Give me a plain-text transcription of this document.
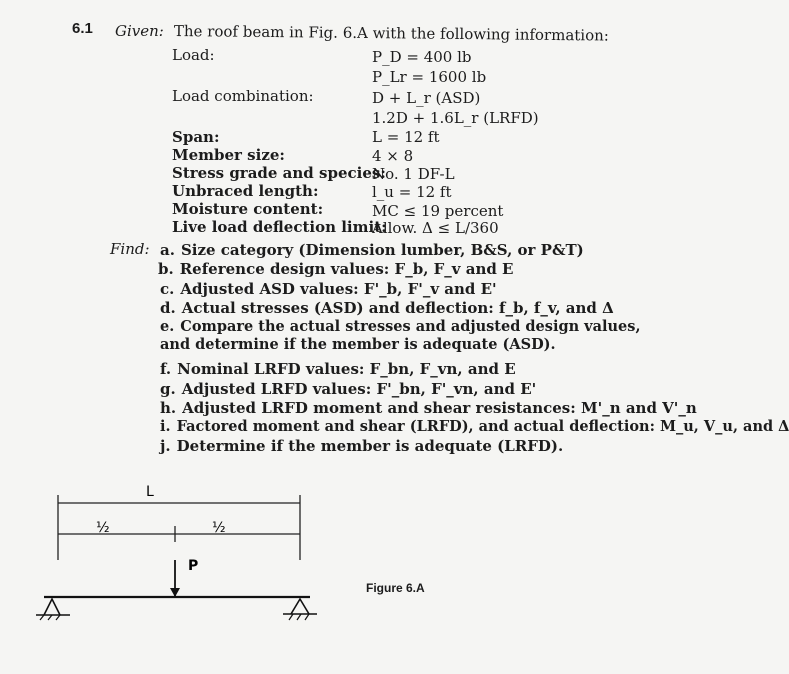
6.1 Given: The roof beam in Fig. 6.A with the following information:
Load:	P_D = 400 lb
P_Lr = 1600 lb
Load combination:	D + L_r (ASD)
1.2D + 1.6L_r (LRFD)
Span:	L = 12 ft
Member size:	4 × 8
Stress grade and species:
No. 1 DF-L
Unbraced length:	l_u = 12 ft
Moisture content:	MC ≤ 19 percent
Live load deflection limit:
Allow. Δ ≤ L/360
Find: a. Size category (Dimension lumber, B&S, or P&T)
b. Reference design values: F_b, F_v and E
c. Adjusted ASD values: F'_b, F'_v and E'
d. Actual stresses (ASD) and deflection: f_b, f_v, and Δ
e. Compare the actual stresses and adjusted design values, and determine if the member is adequate (ASD).
f. Nominal LRFD values: F_bn, F_vn, and E
g. Adjusted LRFD values: F'_bn, F'_vn, and E'
h. Adjusted LRFD moment and shear resistances: M'_n and V'_n
i. Factored moment and shear (LRFD), and actual deflection: M_u, V_u, and Δ
j. Determine if the member is adequate (LRFD).
L
½	½
P
Figure 6.A
